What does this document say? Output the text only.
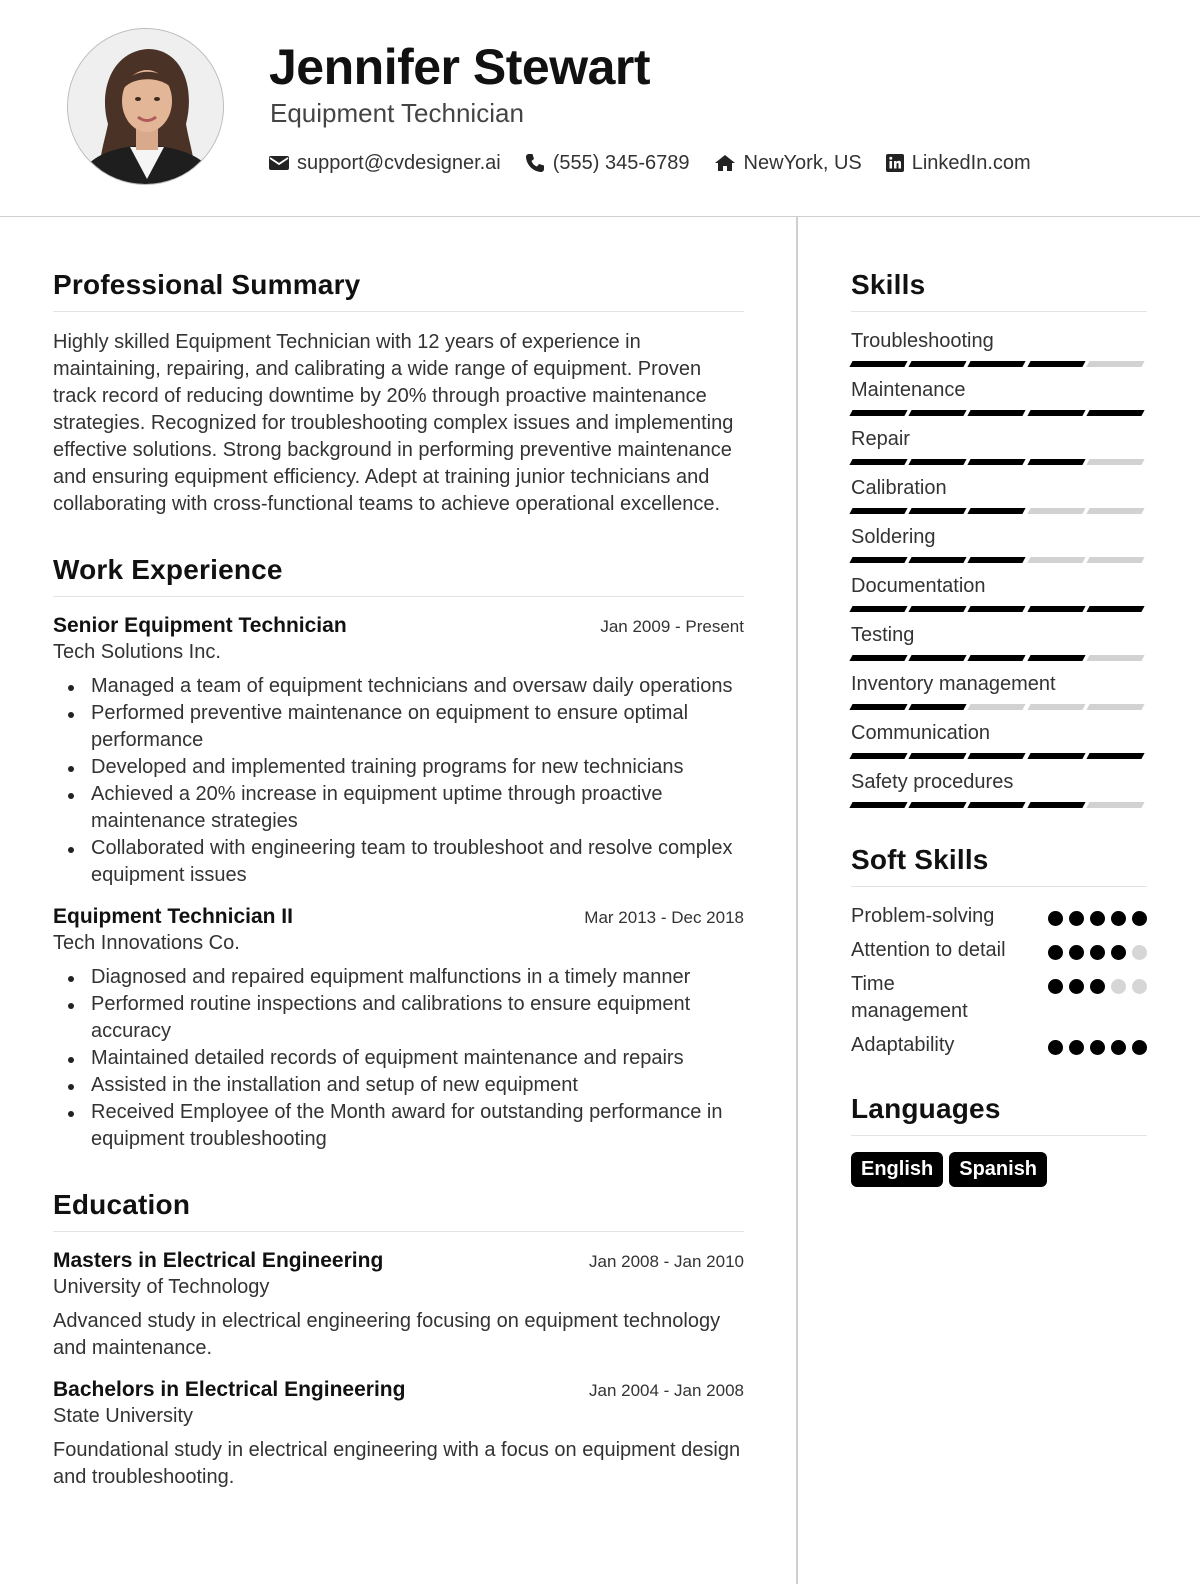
Jennifer Stewart
Equipment Technician
support@cvdesigner.ai	(555) 345-6789	NewYork, US	LinkedIn.com
Professional Summary

Highly skilled Equipment Technician with 12 years of experience in maintaining, repairing, and calibrating a wide range of equipment. Proven track record of reducing downtime by 20% through proactive maintenance strategies. Recognized for troubleshooting complex issues and implementing effective solutions. Strong background in performing preventive maintenance and ensuring equipment efficiency. Adept at training junior technicians and collaborating with cross-functional teams to achieve operational excellence.

Work Experience
Senior Equipment Technician	Jan 2009 - Present
Tech Solutions Inc.
Managed a team of equipment technicians and oversaw daily operations
Performed preventive maintenance on equipment to ensure optimal performance
Developed and implemented training programs for new technicians
Achieved a 20% increase in equipment uptime through proactive maintenance strategies
Collaborated with engineering team to troubleshoot and resolve complex equipment issues
Equipment Technician II	Mar 2013 - Dec 2018
Tech Innovations Co.
Diagnosed and repaired equipment malfunctions in a timely manner
Performed routine inspections and calibrations to ensure equipment accuracy
Maintained detailed records of equipment maintenance and repairs
Assisted in the installation and setup of new equipment
Received Employee of the Month award for outstanding performance in equipment troubleshooting
Education
Masters in Electrical Engineering	Jan 2008 - Jan 2010
University of Technology

Advanced study in electrical engineering focusing on equipment technology and maintenance.

Bachelors in Electrical Engineering	Jan 2004 - Jan 2008
State University

Foundational study in electrical engineering with a focus on equipment design and troubleshooting.

Skills
Troubleshooting
Maintenance
Repair
Calibration
Soldering
Documentation
Testing
Inventory management
Communication
Safety procedures
Soft Skills
Problem-solving
Attention to detail
Time management
Adaptability
Languages
English	Spanish
